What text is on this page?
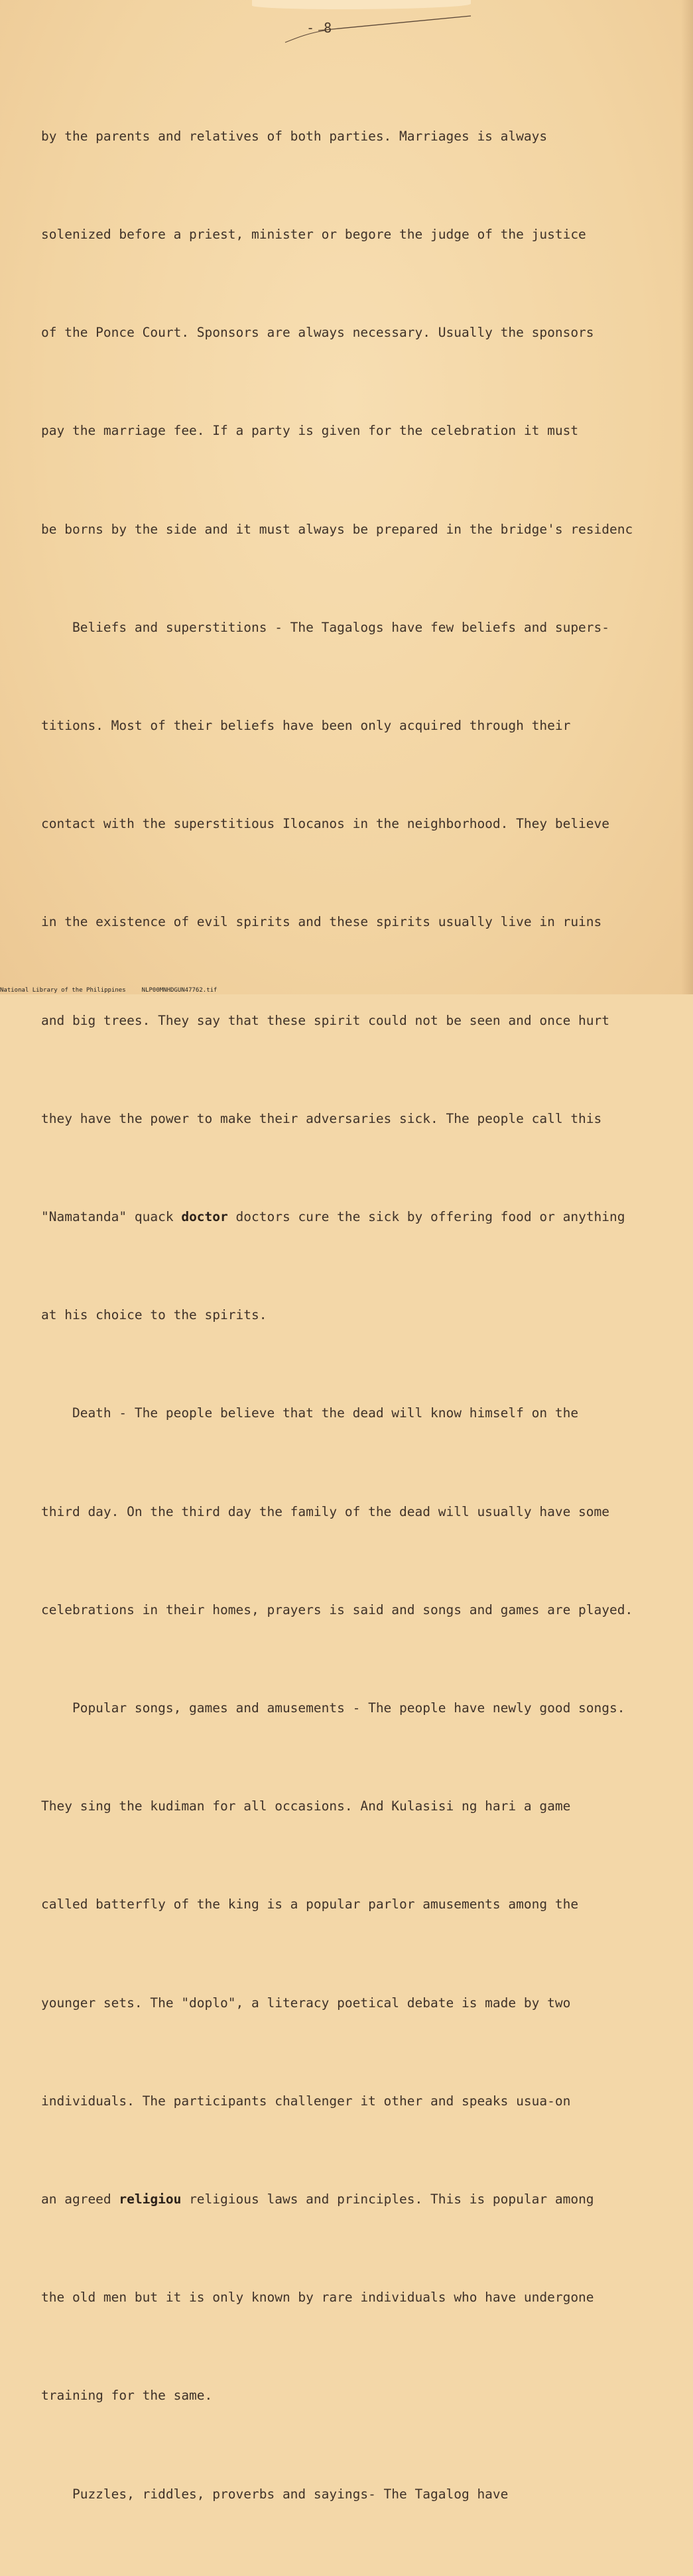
- 8

by the parents and relatives of both parties. Marriages is always

solenized before a priest, minister or begore the judge of the justice

of the Ponce Court. Sponsors are always necessary. Usually the sponsors

pay the marriage fee. If a party is given for the celebration it must

be borns by the side and it must always be prepared in the bridge's residenc

Beliefs and superstitions - The Tagalogs have few beliefs and supers-

titions. Most of their beliefs have been only acquired through their

contact with the superstitious Ilocanos in the neighborhood. They believe

in the existence of evil spirits and these spirits usually live in ruins

and big trees. They say that these spirit could not be seen and once hurt

they have the power to make their adversaries sick. The people call this

"Namatanda" quack doctor doctors cure the sick by offering food or anything

at his choice to the spirits.

Death - The people believe that the dead will know himself on the

third day. On the third day the family of the dead will usually have some

celebrations in their homes, prayers is said and songs and games are played.

Popular songs, games and amusements - The people have newly good songs.

They sing the kudiman for all occasions. And Kulasisi ng hari a game

called batterfly of the king is a popular parlor amusements among the

younger sets. The "doplo", a literacy poetical debate is made by two

individuals. The participants challenger it other and speaks usua-on

an agreed religiou religious laws and principles. This is popular among

the old men but it is only known by rare individuals who have undergone

training for the same.

Puzzles, riddles, proverbs and sayings- The Tagalog have

National Library of the Philippines	NLP00MNHDGUN47762.tif
